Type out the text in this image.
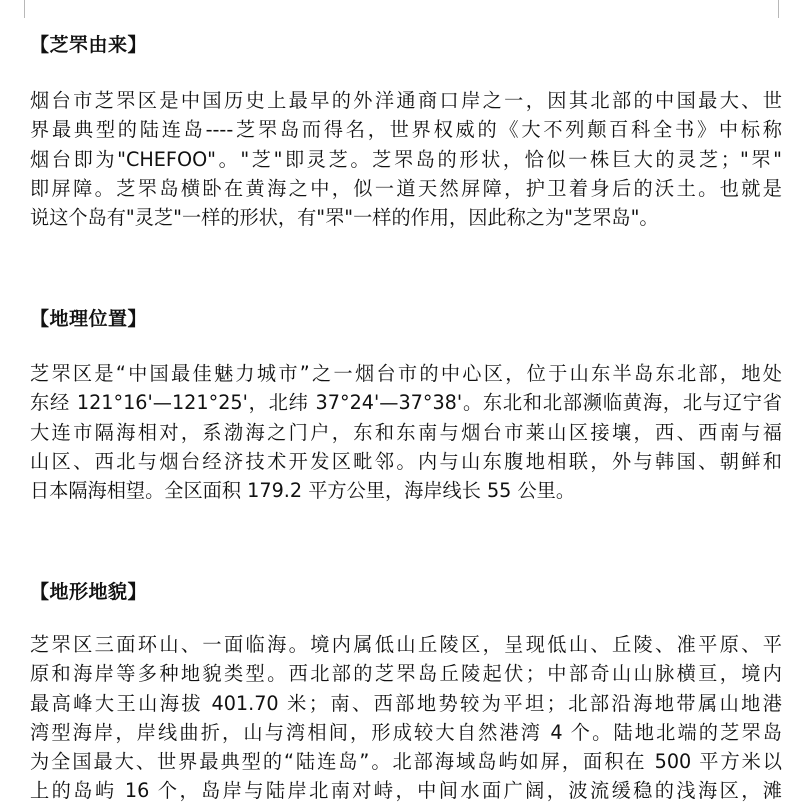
【芝罘由来】
烟台市芝罘区是中国历史上最早的外洋通商口岸之一，因其北部的中国最大、世
界最典型的陆连岛----芝罘岛而得名，世界权威的《大不列颠百科全书》中标称
烟台即为"CHEFOO"。"芝"即灵芝。芝罘岛的形状，恰似一株巨大的灵芝；"罘"
即屏障。芝罘岛横卧在黄海之中，似一道天然屏障，护卫着身后的沃土。也就是
说这个岛有"灵芝"一样的形状，有"罘"一样的作用，因此称之为"芝罘岛"。
【地理位置】
芝罘区是“中国最佳魅力城市”之一烟台市的中心区，位于山东半岛东北部，地处
东经 121°16'—121°25'，北纬 37°24'—37°38'。东北和北部濒临黄海，北与辽宁省
大连市隔海相对，系渤海之门户，东和东南与烟台市莱山区接壤，西、西南与福
山区、西北与烟台经济技术开发区毗邻。内与山东腹地相联，外与韩国、朝鲜和
日本隔海相望。全区面积 179.2 平方公里，海岸线长 55 公里。
【地形地貌】
芝罘区三面环山、一面临海。境内属低山丘陵区，呈现低山、丘陵、准平原、平
原和海岸等多种地貌类型。西北部的芝罘岛丘陵起伏；中部奇山山脉横亘，境内
最高峰大王山海拔 401.70 米；南、西部地势较为平坦；北部沿海地带属山地港
湾型海岸，岸线曲折，山与湾相间，形成较大自然港湾 4 个。陆地北端的芝罘岛
为全国最大、世界最典型的“陆连岛”。北部海域岛屿如屏，面积在 500 平方米以
上的岛屿 16 个，岛岸与陆岸北南对峙，中间水面广阔，波流缓稳的浅海区，滩
